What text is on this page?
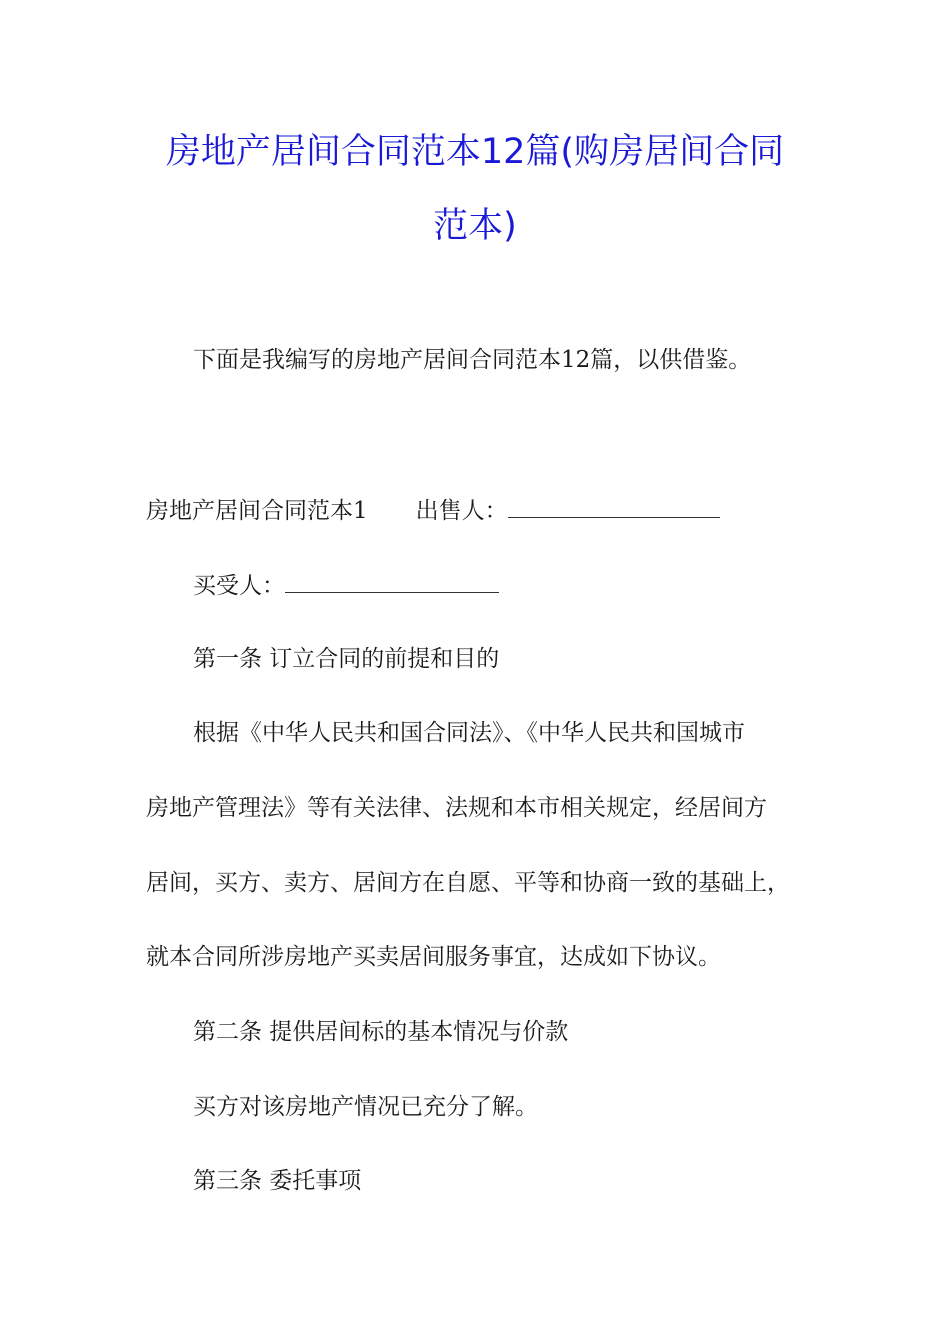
房地产居间合同范本12篇(购房居间合同
范本)
下面是我编写的房地产居间合同范本12篇，以供借鉴。
房地产居间合同范本1 出售人：
买受人：
第一条 订立合同的前提和目的
根据《中华人民共和国合同法》、《中华人民共和国城市
房地产管理法》等有关法律、法规和本市相关规定，经居间方
居间，买方、卖方、居间方在自愿、平等和协商一致的基础上，
就本合同所涉房地产买卖居间服务事宜，达成如下协议。
第二条 提供居间标的基本情况与价款
买方对该房地产情况已充分了解。
第三条 委托事项
